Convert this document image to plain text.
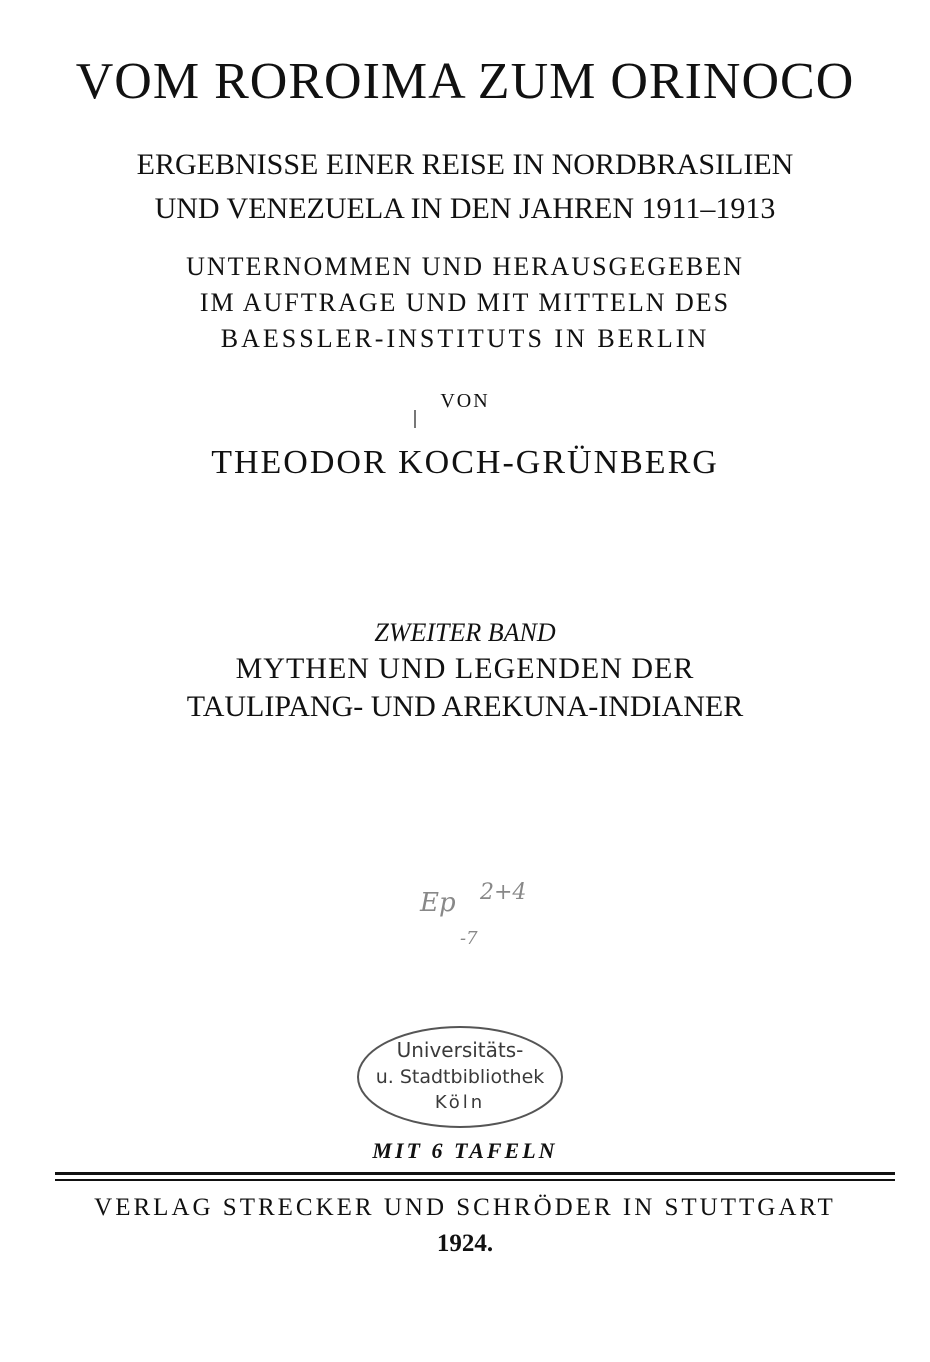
VOM ROROIMA ZUM ORINOCO
ERGEBNISSE EINER REISE IN NORDBRASILIEN
UND VENEZUELA IN DEN JAHREN 1911–1913
UNTERNOMMEN UND HERAUSGEGEBEN
IM AUFTRAGE UND MIT MITTELN DES
BAESSLER-INSTITUTS IN BERLIN
VON
THEODOR KOCH-GRÜNBERG
ZWEITER BAND
MYTHEN UND LEGENDEN DER
TAULIPANG- UND AREKUNA-INDIANER
Ep 2+4
-7
Universitäts-
u. Stadtbibliothek
Köln
MIT 6 TAFELN
VERLAG STRECKER UND SCHRÖDER IN STUTTGART
1924.
